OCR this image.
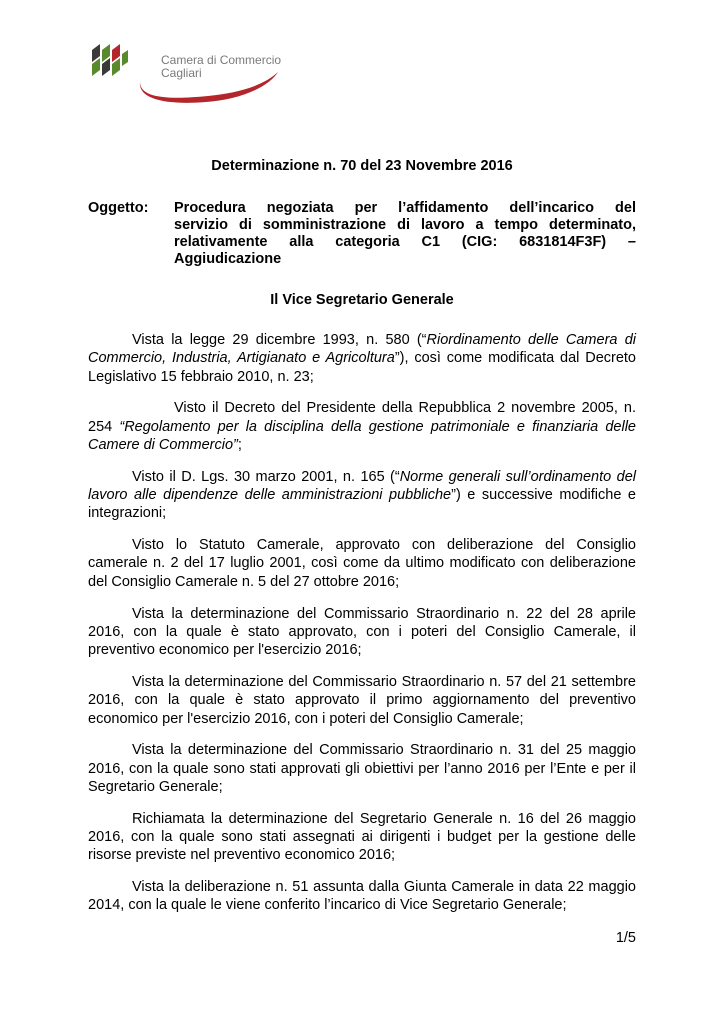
Camera di Commercio
Cagliari
Determinazione n. 70 del 23 Novembre 2016
Oggetto: Procedura negoziata per l’affidamento dell’incarico del
servizio di somministrazione di lavoro a tempo determinato,
relativamente alla categoria C1 (CIG: 6831814F3F) –
Aggiudicazione
Il Vice Segretario Generale
Vista la legge 29 dicembre 1993, n. 580 (“Riordinamento delle Camera di
Commercio, Industria, Artigianato e Agricoltura”), così come modificata dal Decreto
Legislativo 15 febbraio 2010, n. 23;
Visto il Decreto del Presidente della Repubblica 2 novembre 2005, n.
254 “Regolamento per la disciplina della gestione patrimoniale e finanziaria delle
Camere di Commercio”;
Visto il D. Lgs. 30 marzo 2001, n. 165 (“Norme generali sull’ordinamento del
lavoro alle dipendenze delle amministrazioni pubbliche”) e successive modifiche e
integrazioni;
Visto lo Statuto Camerale, approvato con deliberazione del Consiglio
camerale n. 2 del 17 luglio 2001, così come da ultimo modificato con deliberazione
del Consiglio Camerale n. 5 del 27 ottobre 2016;
Vista la determinazione del Commissario Straordinario n. 22 del 28 aprile
2016, con la quale è stato approvato, con i poteri del Consiglio Camerale, il
preventivo economico per l'esercizio 2016;
Vista la determinazione del Commissario Straordinario n. 57 del 21 settembre
2016, con la quale è stato approvato il primo aggiornamento del preventivo
economico per l'esercizio 2016, con i poteri del Consiglio Camerale;
Vista la determinazione del Commissario Straordinario n. 31 del 25 maggio
2016, con la quale sono stati approvati gli obiettivi per l’anno 2016 per l’Ente e per il
Segretario Generale;
Richiamata la determinazione del Segretario Generale n. 16 del 26 maggio
2016, con la quale sono stati assegnati ai dirigenti i budget per la gestione delle
risorse previste nel preventivo economico 2016;
Vista la deliberazione n. 51 assunta dalla Giunta Camerale in data 22 maggio
2014, con la quale le viene conferito l’incarico di Vice Segretario Generale;
1/5
